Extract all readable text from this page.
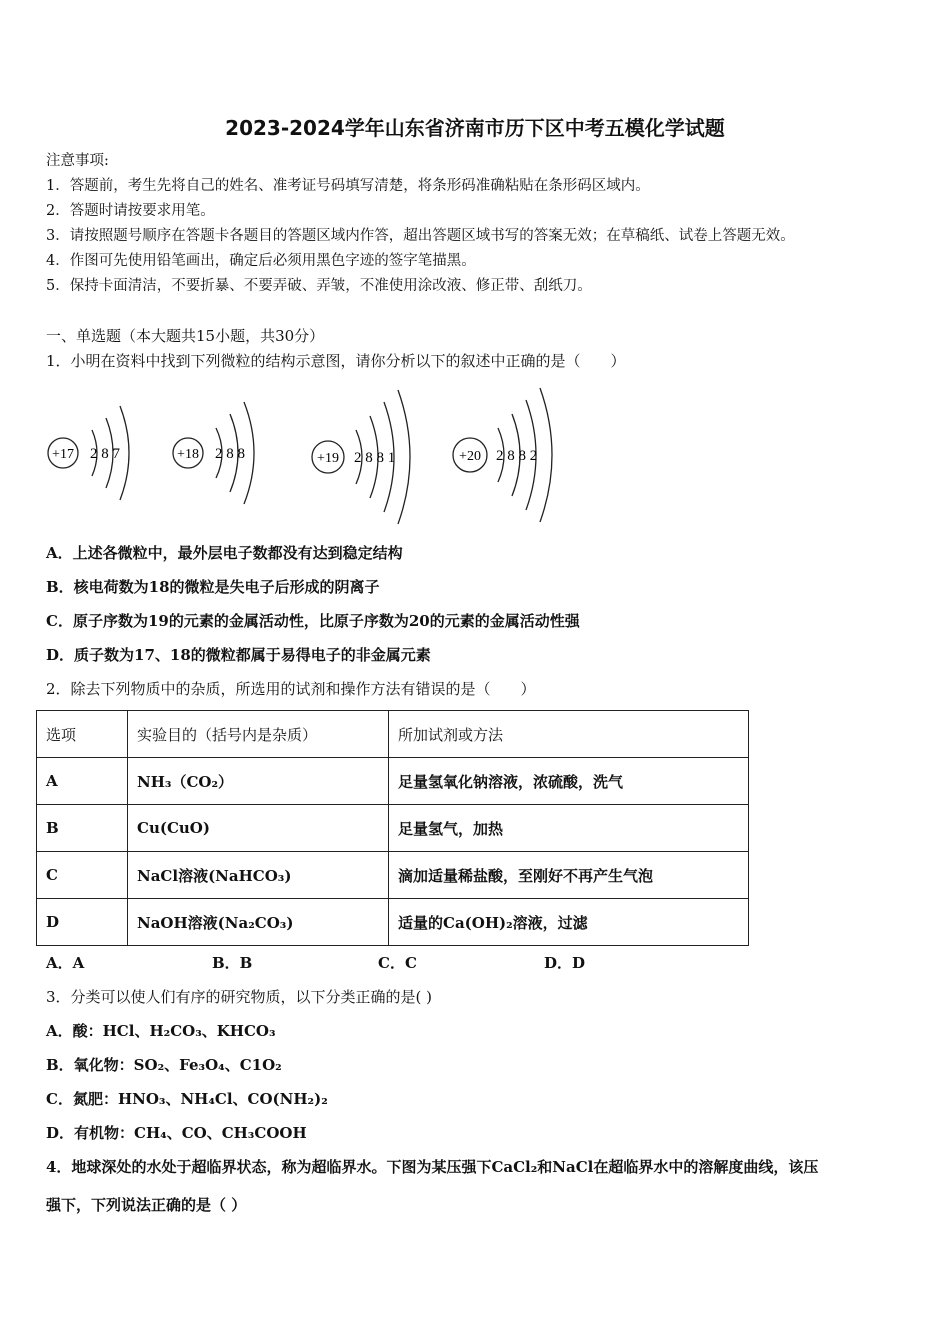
2023-2024学年山东省济南市历下区中考五模化学试题
注意事项:
1．答题前，考生先将自己的姓名、准考证号码填写清楚，将条形码准确粘贴在条形码区域内。
2．答题时请按要求用笔。
3．请按照题号顺序在答题卡各题目的答题区域内作答，超出答题区域书写的答案无效；在草稿纸、试卷上答题无效。
4．作图可先使用铅笔画出，确定后必须用黑色字迹的签字笔描黑。
5．保持卡面清洁，不要折暴、不要弄破、弄皱，不准使用涂改液、修正带、刮纸刀。
一、单选题（本大题共15小题，共30分）
1．小明在资料中找到下列微粒的结构示意图，请你分析以下的叙述中正确的是（　　）
+17 2 8 7	+18 2 8 8	+19 2 8 8 1	+20 2 8 8 2
A．上述各微粒中，最外层电子数都没有达到稳定结构
B．核电荷数为18的微粒是失电子后形成的阴离子
C．原子序数为19的元素的金属活动性，比原子序数为20的元素的金属活动性强
D．质子数为17、18的微粒都属于易得电子的非金属元素
2．除去下列物质中的杂质，所选用的试剂和操作方法有错误的是（　　）
选项	实验目的（括号内是杂质）	所加试剂或方法
A	NH₃（CO₂）	足量氢氧化钠溶液，浓硫酸，洗气
B	Cu(CuO)	足量氢气，加热
C	NaCl溶液(NaHCO₃)	滴加适量稀盐酸，至刚好不再产生气泡
D	NaOH溶液(Na₂CO₃)	适量的Ca(OH)₂溶液，过滤
A．A	B．B	C．C	D．D
3．分类可以使人们有序的研究物质，以下分类正确的是( )
A．酸：HCl、H₂CO₃、KHCO₃
B．氧化物：SO₂、Fe₃O₄、C1O₂
C．氮肥：HNO₃、NH₄Cl、CO(NH₂)₂
D．有机物：CH₄、CO、CH₃COOH
4．地球深处的水处于超临界状态，称为超临界水。下图为某压强下CaCl₂和NaCl在超临界水中的溶解度曲线，该压
强下，下列说法正确的是（ ）
